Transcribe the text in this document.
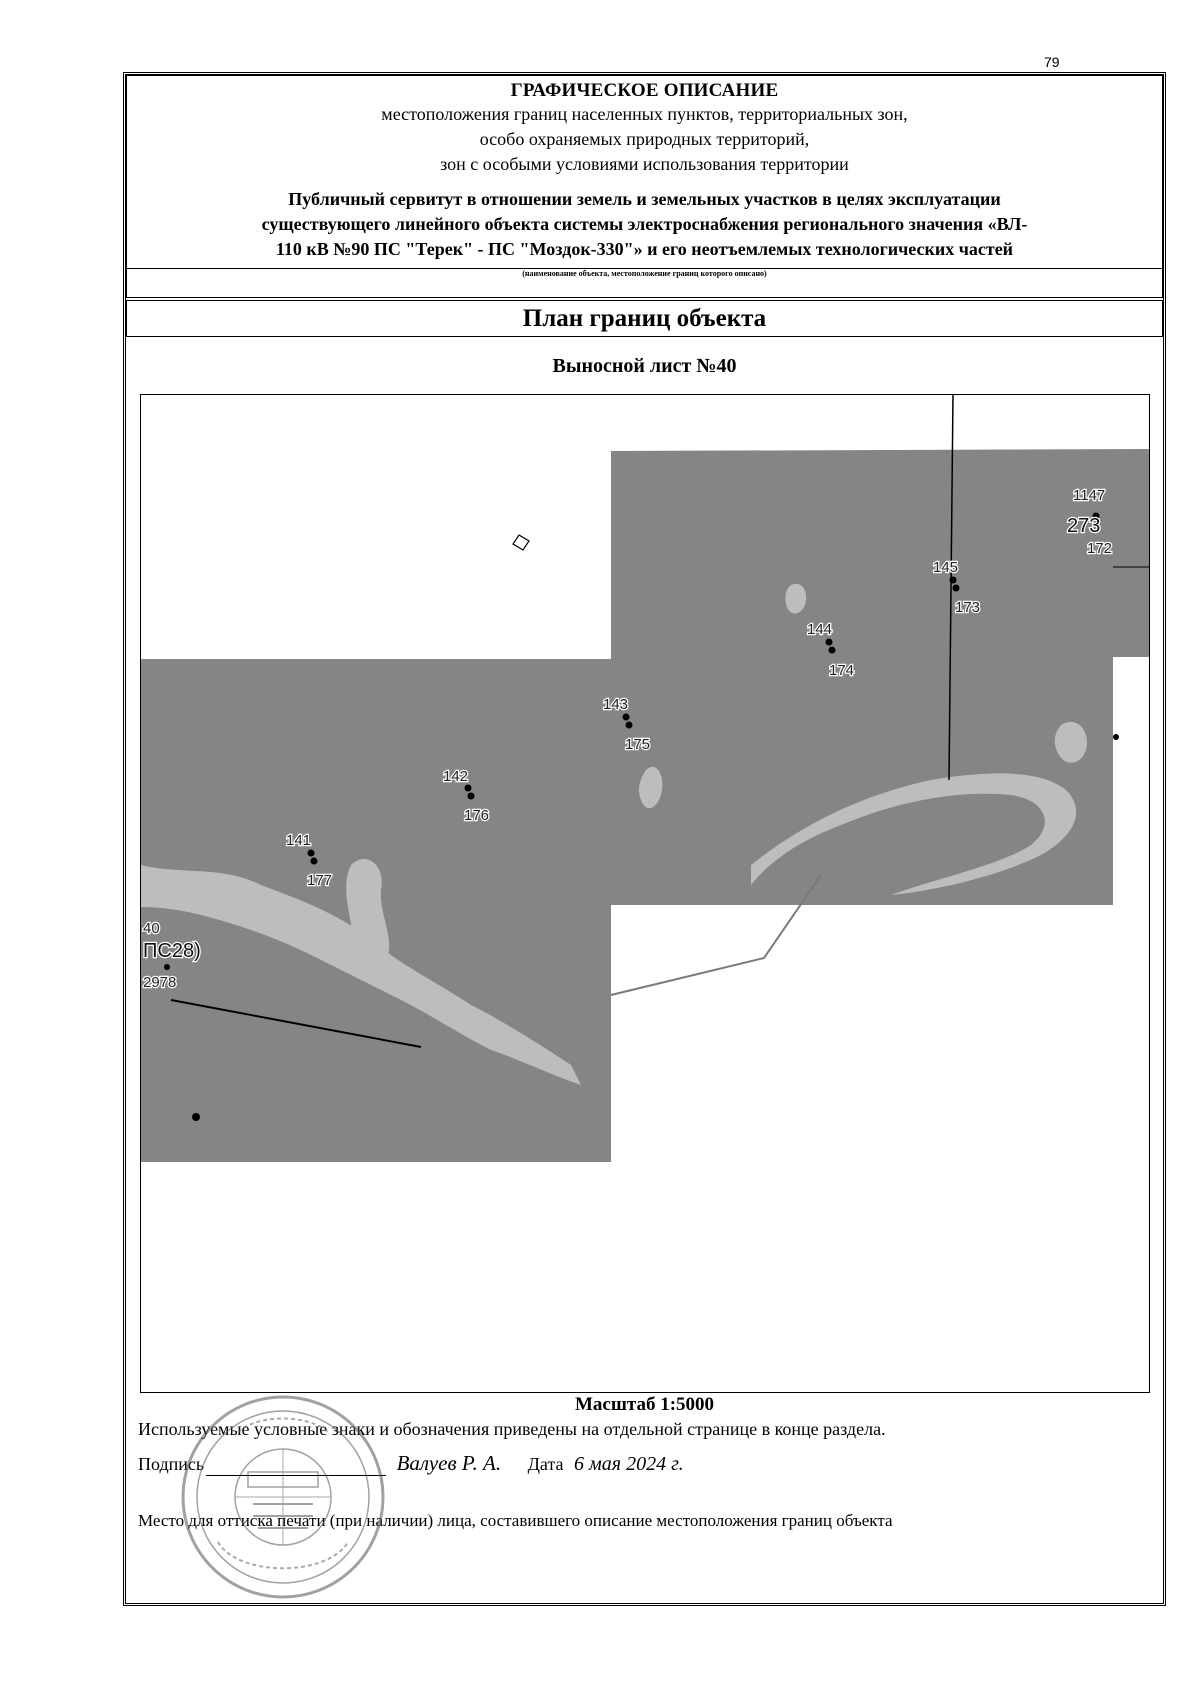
79
ГРАФИЧЕСКОЕ ОПИСАНИЕ
местоположения границ населенных пунктов, территориальных зон,
особо охраняемых природных территорий,
зон с особыми условиями использования территории
Публичный сервитут в отношении земель и земельных участков в целях эксплуатации
существующего линейного объекта системы электроснабжения регионального значения «ВЛ-
110 кВ №90 ПС "Терек" - ПС "Моздок-330"» и его неотъемлемых технологических частей
(наименование объекта, местоположение границ которого описано)
План границ объекта
Выносной лист №40
141
177
142
176
143
175
144
174
145
173
1147
273
172
40
ПС28)
2978
Масштаб 1:5000
Используемые условные знаки и обозначения приведены на отдельной странице в конце раздела.
Подпись	Валуев Р. А. Дата 6 мая 2024 г.
Место для оттиска печати (при наличии) лица, составившего описание местоположения границ объекта
